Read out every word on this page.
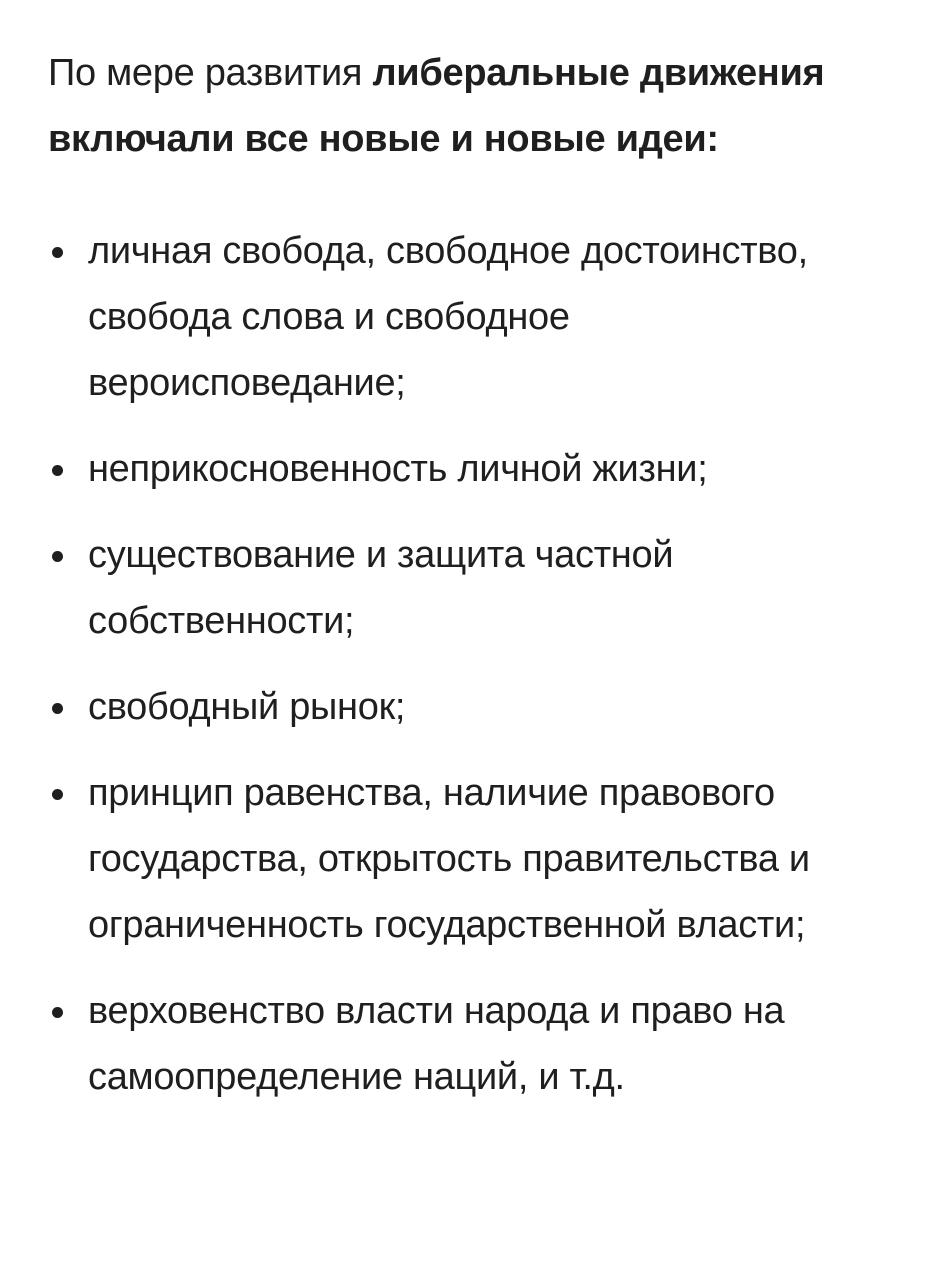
По мере развития либеральные движения включали все новые и новые идеи:

личная свобода, свободное достоинство, свобода слова и свободное вероисповедание;
неприкосновенность личной жизни;
существование и защита частной собственности;
свободный рынок;
принцип равенства, наличие правового государства, открытость правительства и ограниченность государственной власти;
верховенство власти народа и право на самоопределение наций, и т.д.
